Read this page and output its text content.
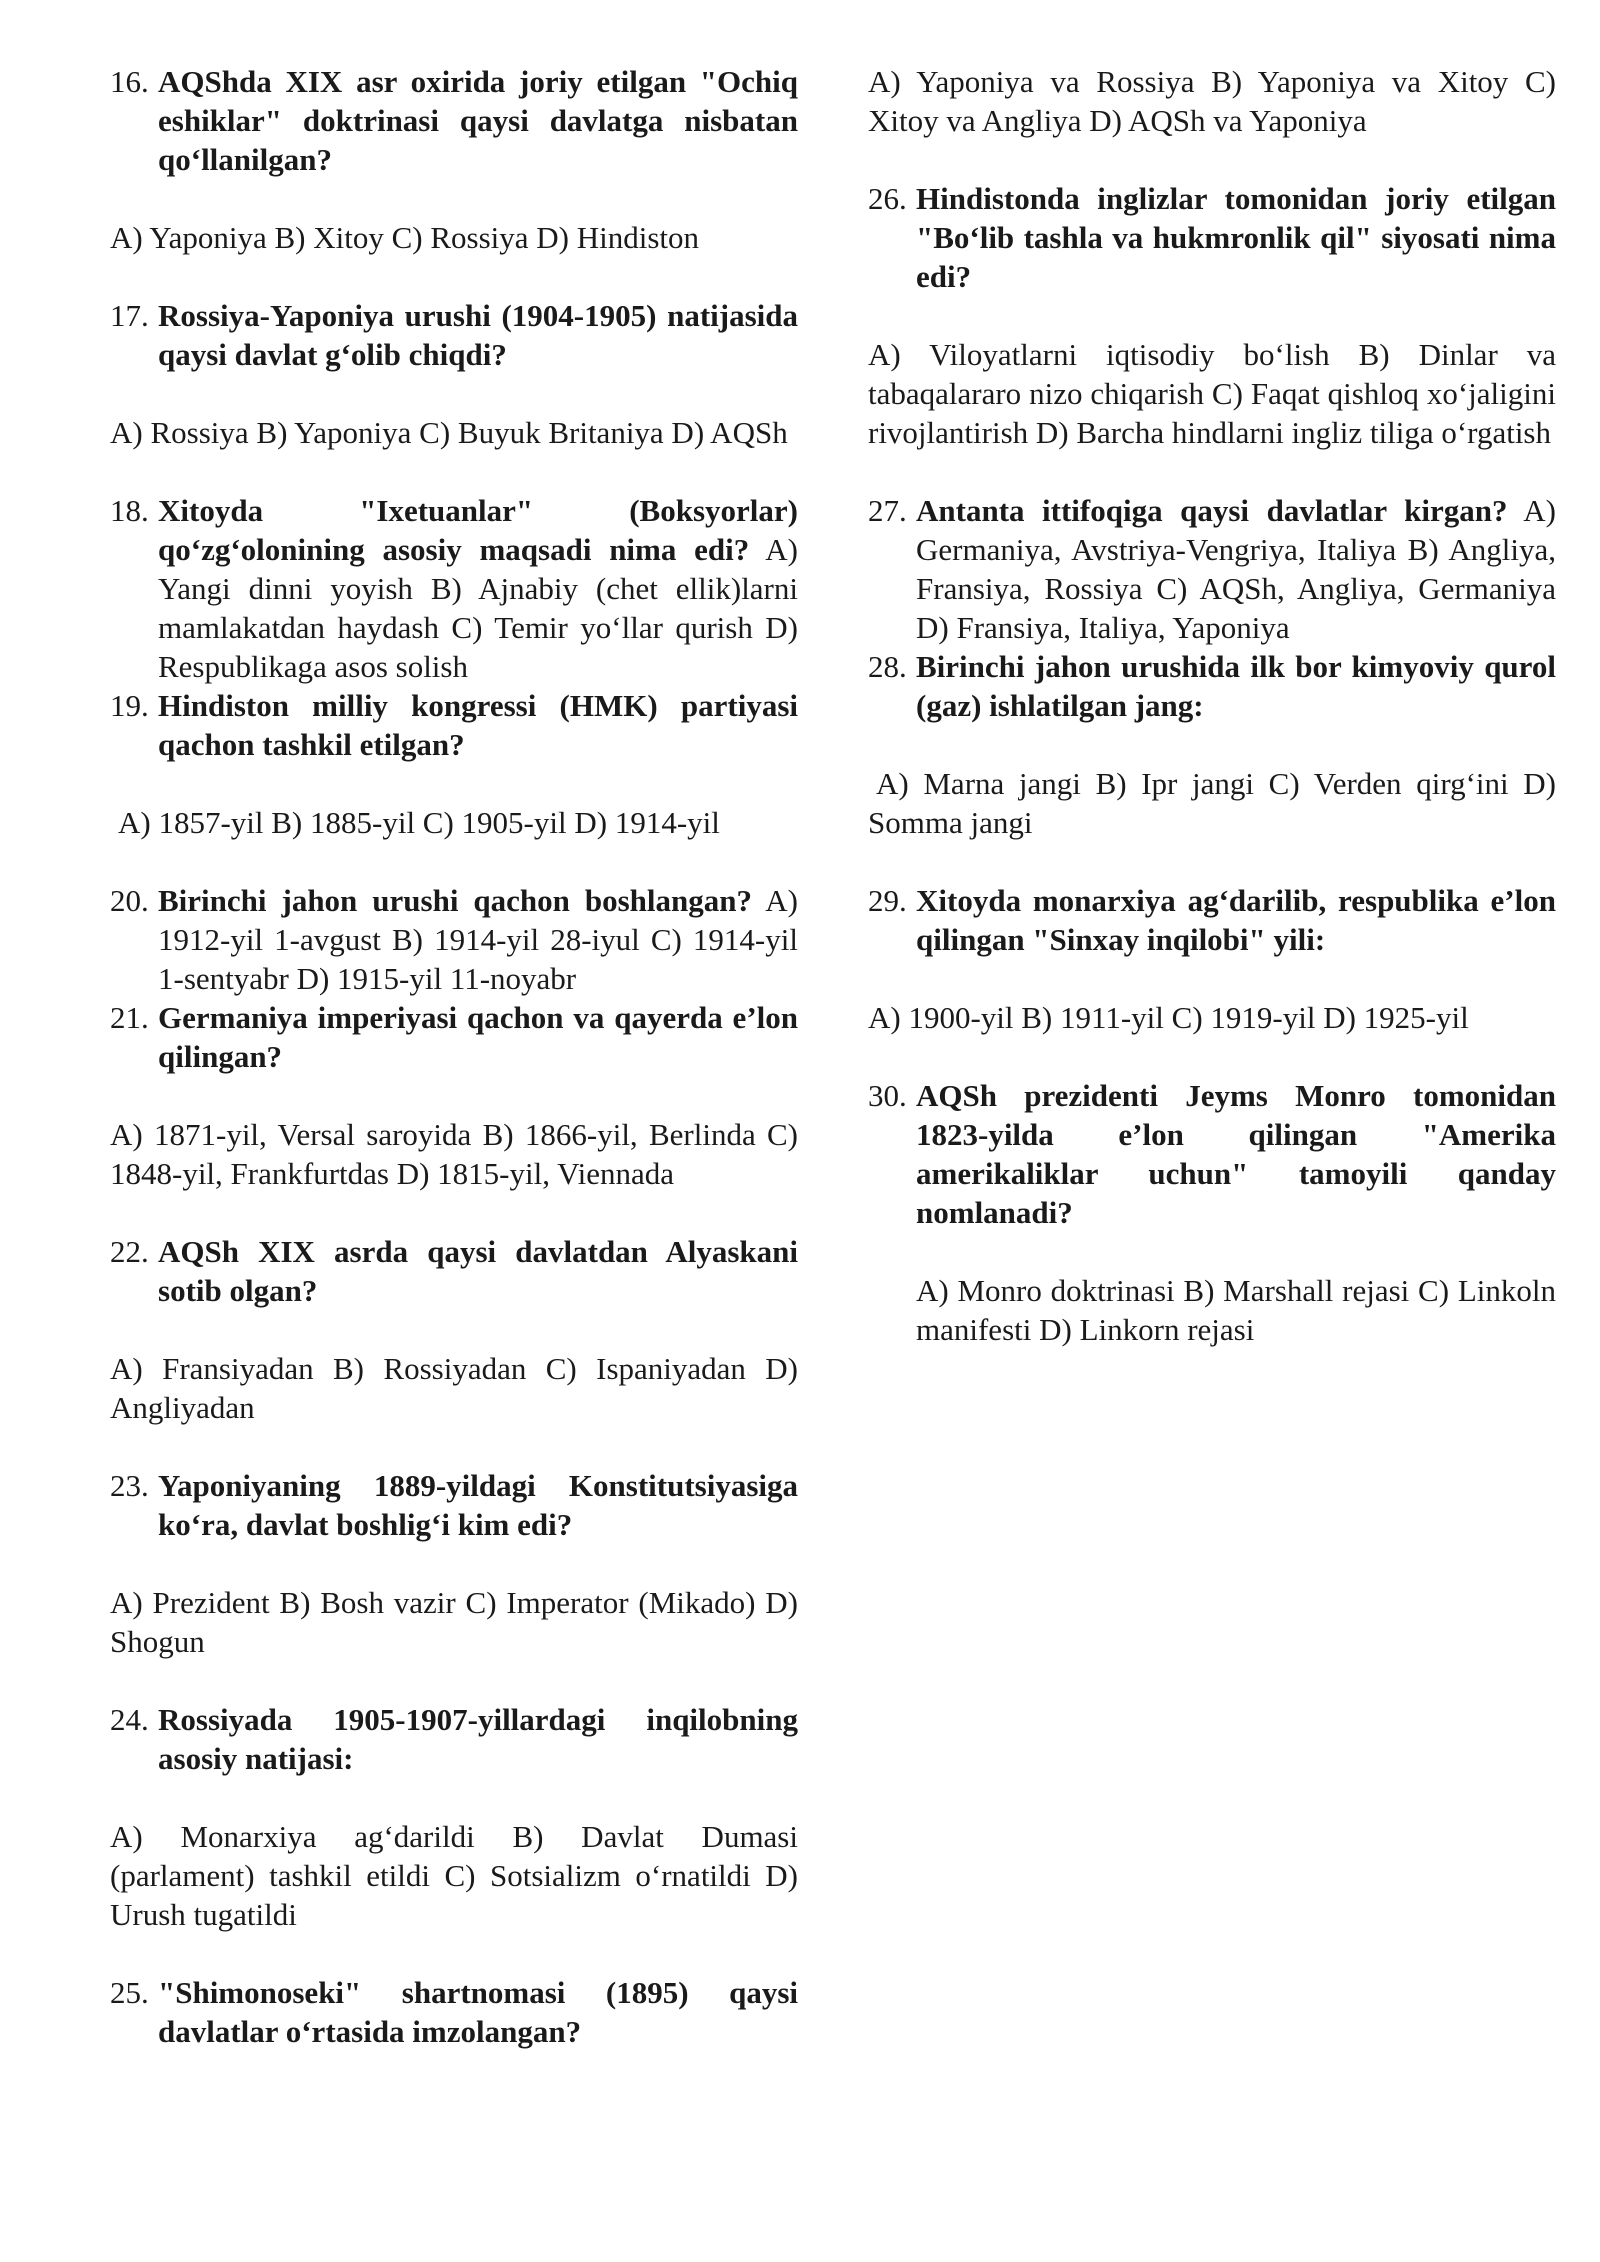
16. AQShda XIX asr oxirida joriy etilgan "Ochiq eshiklar" doktrinasi qaysi davlatga nisbatan qo‘llanilgan?
A) Yaponiya B) Xitoy C) Rossiya D) Hindiston
17. Rossiya-Yaponiya urushi (1904-1905) natijasida qaysi davlat g‘olib chiqdi?
A) Rossiya B) Yaponiya C) Buyuk Britaniya D) AQSh
18. Xitoyda "Ixetuanlar" (Boksyorlar) qo‘zg‘olonining asosiy maqsadi nima edi? A) Yangi dinni yoyish B) Ajnabiy (chet ellik)larni mamlakatdan haydash C) Temir yo‘llar qurish D) Respublikaga asos solish
19. Hindiston milliy kongressi (HMK) partiyasi qachon tashkil etilgan?
A) 1857-yil B) 1885-yil C) 1905-yil D) 1914-yil
20. Birinchi jahon urushi qachon boshlangan? A) 1912-yil 1-avgust B) 1914-yil 28-iyul C) 1914-yil 1-sentyabr D) 1915-yil 11-noyabr
21. Germaniya imperiyasi qachon va qayerda e’lon qilingan?
A) 1871-yil, Versal saroyida B) 1866-yil, Berlinda C) 1848-yil, Frankfurtdas D) 1815-yil, Viennada
22. AQSh XIX asrda qaysi davlatdan Alyaskani sotib olgan?
A) Fransiyadan B) Rossiyadan C) Ispaniyadan D) Angliyadan
23. Yaponiyaning 1889-yildagi Konstitutsiyasiga ko‘ra, davlat boshlig‘i kim edi?
A) Prezident B) Bosh vazir C) Imperator (Mikado) D) Shogun
24. Rossiyada 1905-1907-yillardagi inqilobning asosiy natijasi:
A) Monarxiya ag‘darildi B) Davlat Dumasi (parlament) tashkil etildi C) Sotsializm o‘rnatildi D) Urush tugatildi
25. "Shimonoseki" shartnomasi (1895) qaysi davlatlar o‘rtasida imzolangan?
A) Yaponiya va Rossiya B) Yaponiya va Xitoy C) Xitoy va Angliya D) AQSh va Yaponiya
26. Hindistonda inglizlar tomonidan joriy etilgan "Bo‘lib tashla va hukmronlik qil" siyosati nima edi?
A) Viloyatlarni iqtisodiy bo‘lish B) Dinlar va tabaqalararo nizo chiqarish C) Faqat qishloq xo‘jaligini rivojlantirish D) Barcha hindlarni ingliz tiliga o‘rgatish
27. Antanta ittifoqiga qaysi davlatlar kirgan? A) Germaniya, Avstriya-Vengriya, Italiya B) Angliya, Fransiya, Rossiya C) AQSh, Angliya, Germaniya D) Fransiya, Italiya, Yaponiya
28. Birinchi jahon urushida ilk bor kimyoviy qurol (gaz) ishlatilgan jang:
A) Marna jangi B) Ipr jangi C) Verden qirg‘ini D) Somma jangi
29. Xitoyda monarxiya ag‘darilib, respublika e’lon qilingan "Sinxay inqilobi" yili:
A) 1900-yil B) 1911-yil C) 1919-yil D) 1925-yil
30. AQSh prezidenti Jeyms Monro tomonidan 1823-yilda e’lon qilingan "Amerika amerikaliklar uchun" tamoyili qanday nomlanadi?
A) Monro doktrinasi B) Marshall rejasi C) Linkoln manifesti D) Linkorn rejasi
